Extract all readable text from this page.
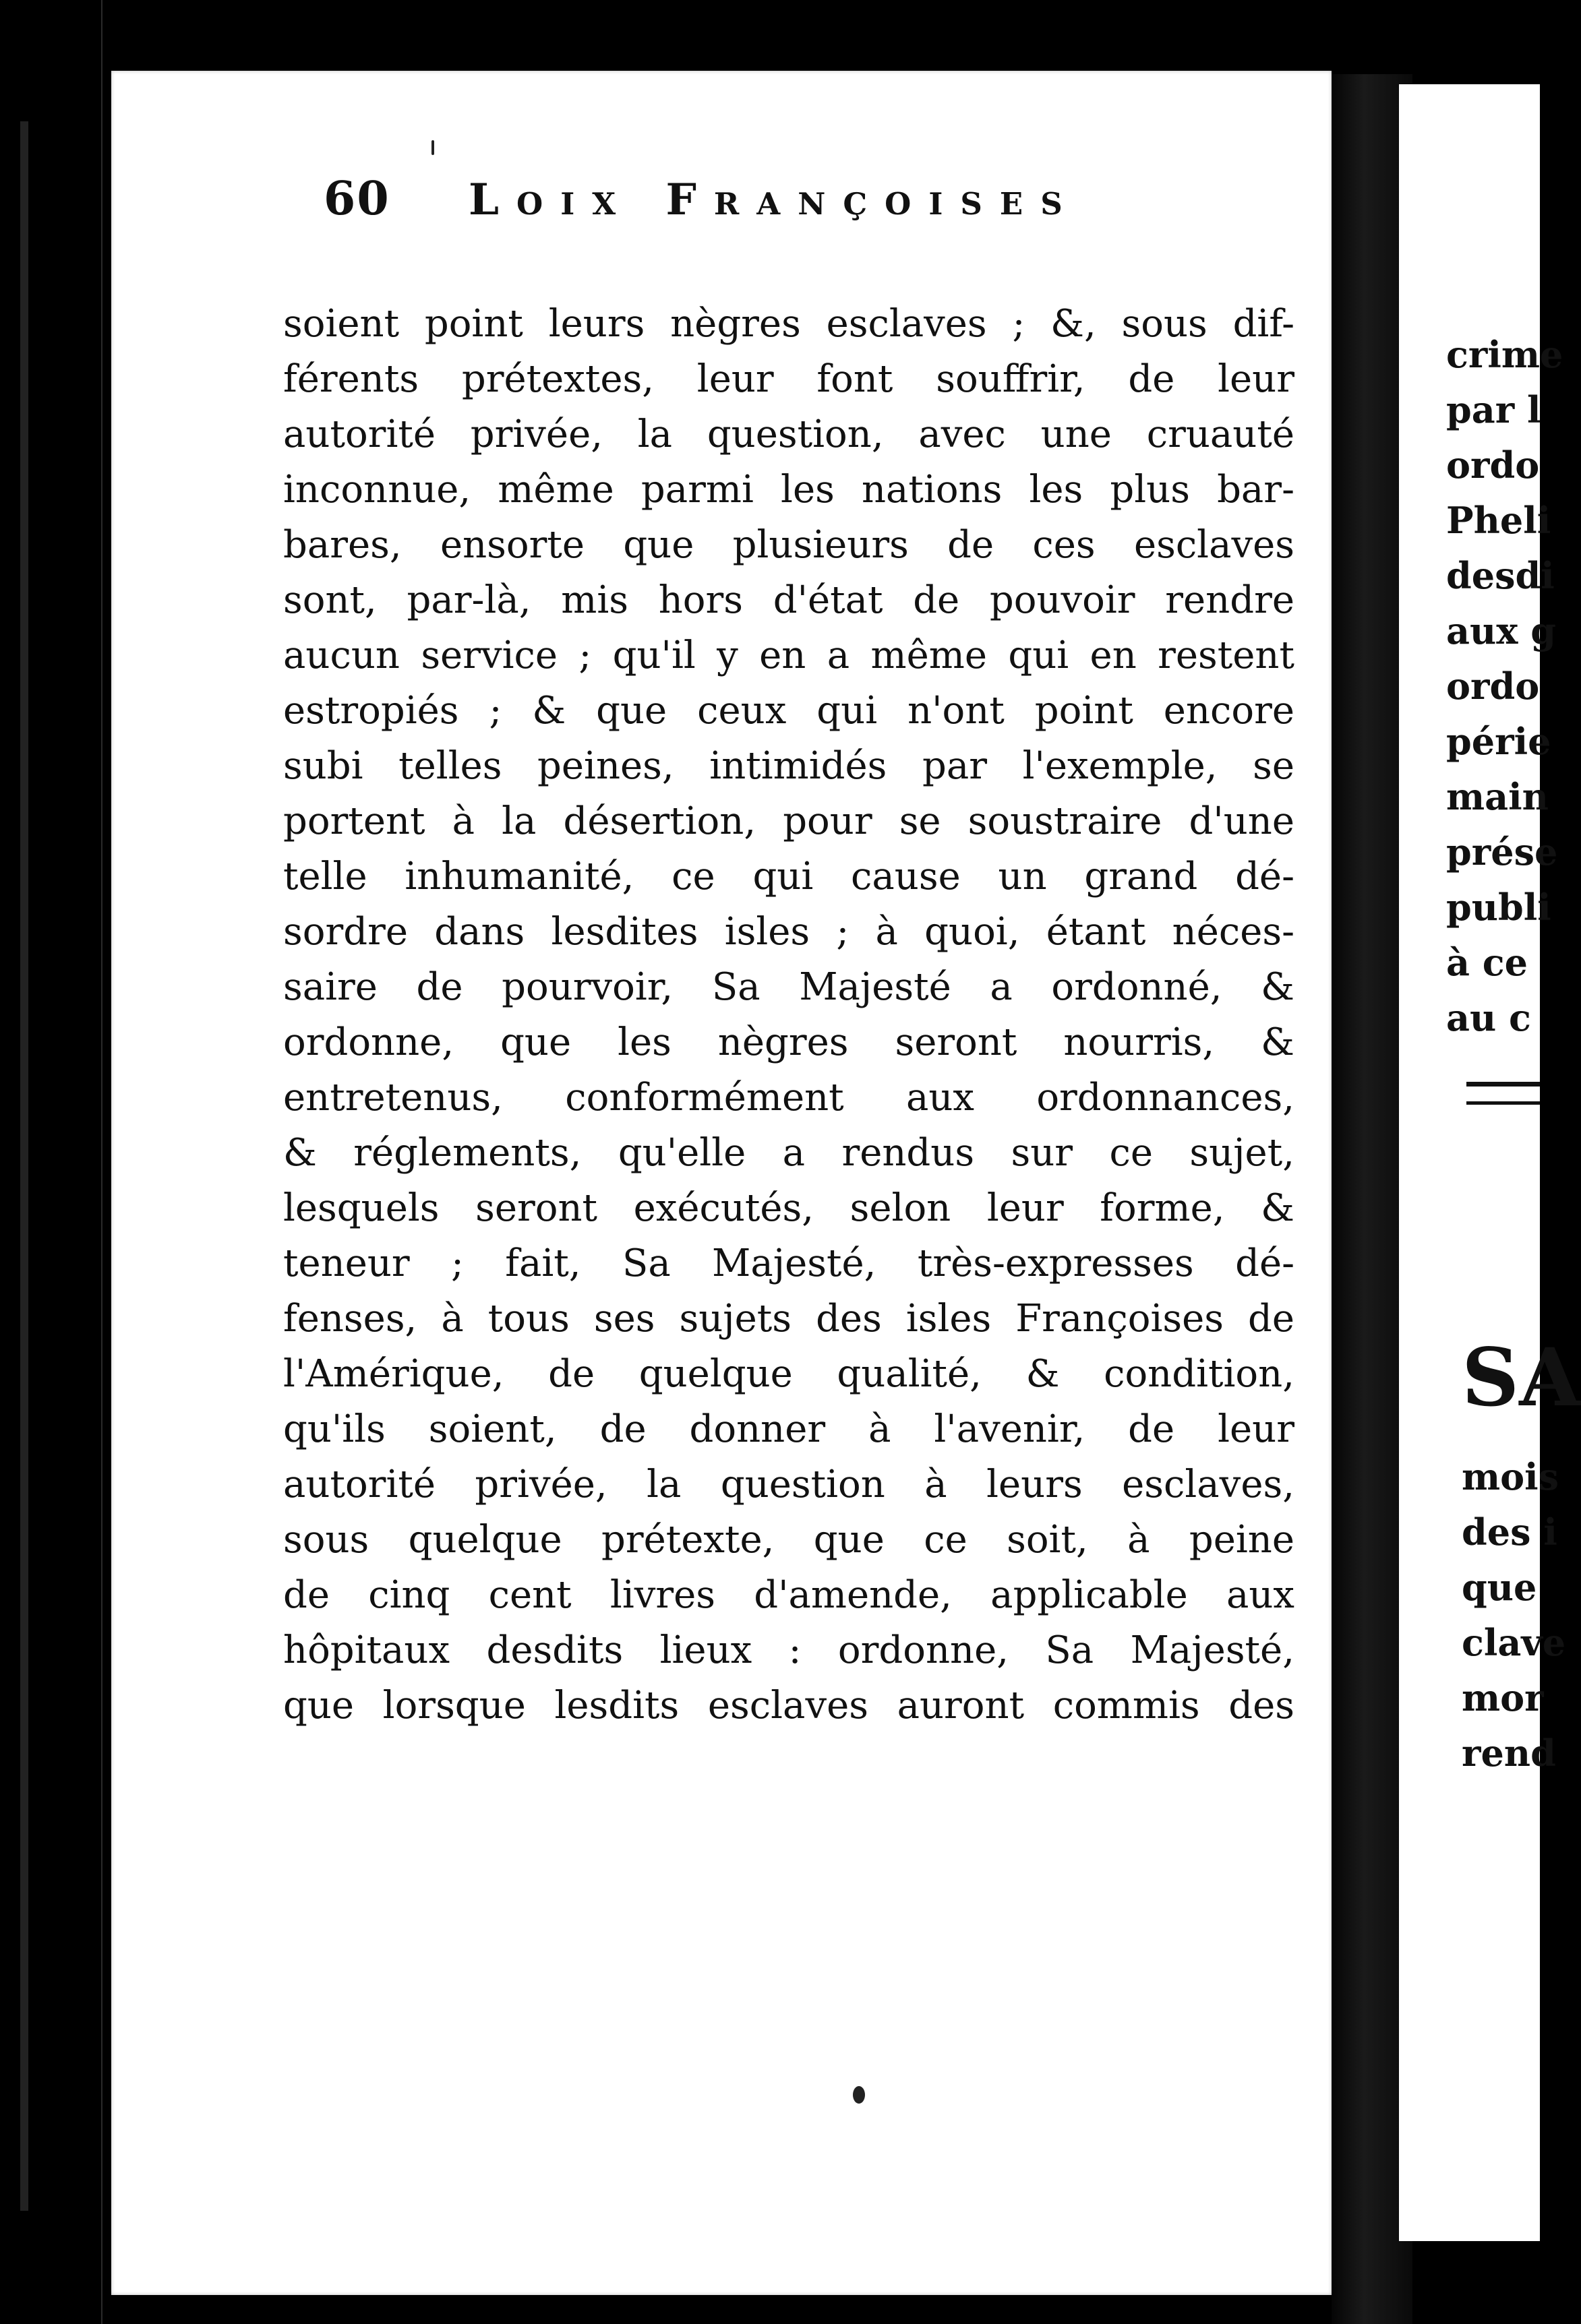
60 Loix Françoises
soient point leurs nègres esclaves ; &, sous dif-
férents prétextes, leur font souffrir, de leur
autorité privée, la question, avec une cruauté
inconnue, même parmi les nations les plus bar-
bares, ensorte que plusieurs de ces esclaves
sont, par-là, mis hors d'état de pouvoir rendre
aucun service ; qu'il y en a même qui en restent
estropiés ; & que ceux qui n'ont point encore
subi telles peines, intimidés par l'exemple, se
portent à la désertion, pour se soustraire d'une
telle inhumanité, ce qui cause un grand dé-
sordre dans lesdites isles ; à quoi, étant néces-
saire de pourvoir, Sa Majesté a ordonné, &
ordonne, que les nègres seront nourris, &
entretenus, conformément aux ordonnances,
& réglements, qu'elle a rendus sur ce sujet,
lesquels seront exécutés, selon leur forme, &
teneur ; fait, Sa Majesté, très-expresses dé-
fenses, à tous ses sujets des isles Françoises de
l'Amérique, de quelque qualité, & condition,
qu'ils soient, de donner à l'avenir, de leur
autorité privée, la question à leurs esclaves,
sous quelque prétexte, que ce soit, à peine
de cinq cent livres d'amende, applicable aux
hôpitaux desdits lieux : ordonne, Sa Majesté,
que lorsque lesdits esclaves auront commis des
crime
par l
ordo
Pheli
desdi
aux g
ordo
périe
main
prése
publi
à ce
au c
SA
mois
des i
que
clave
mor
rend
